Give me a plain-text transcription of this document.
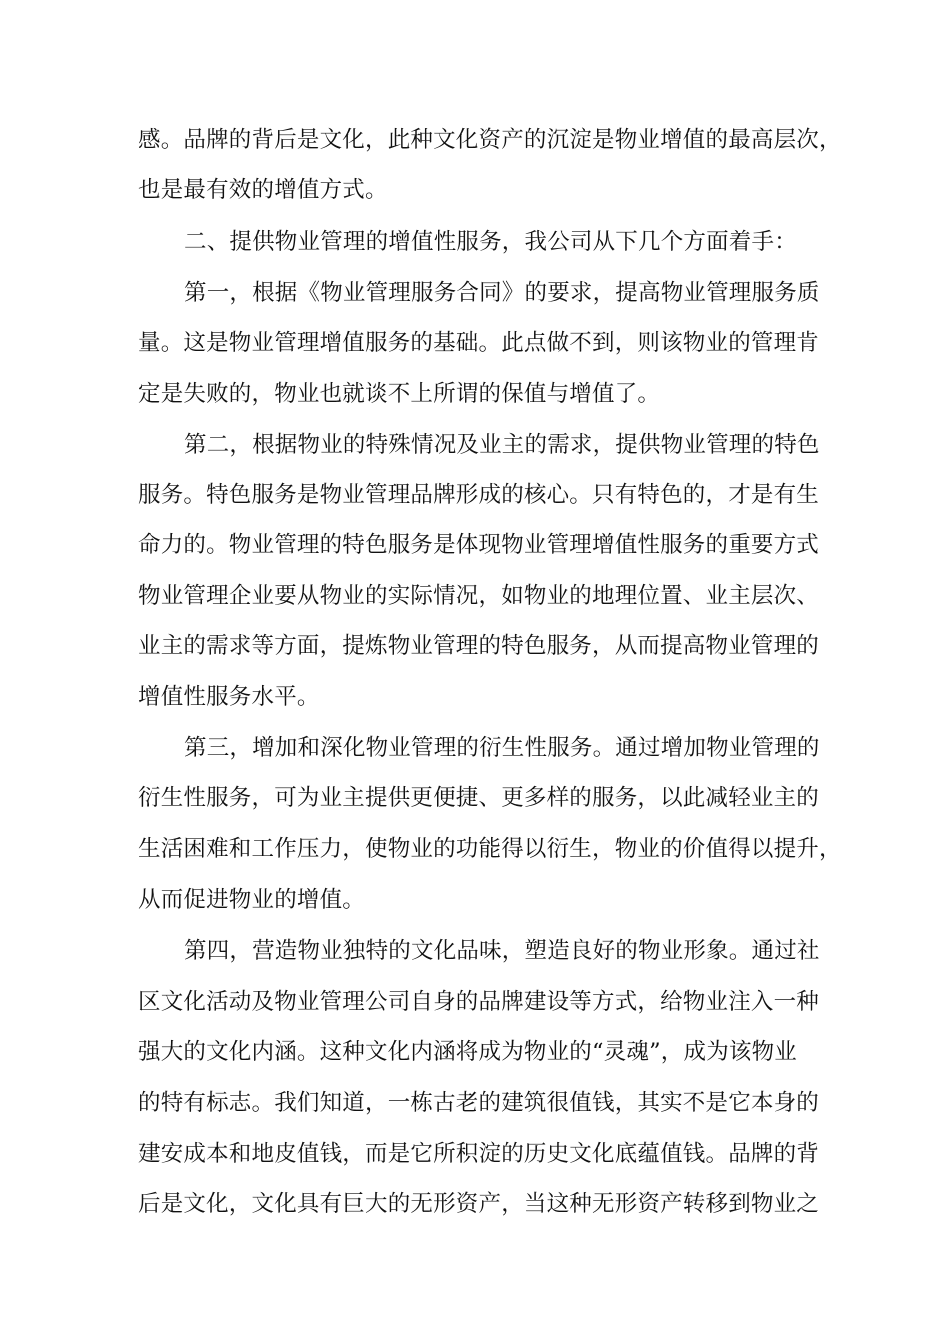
感。品牌的背后是文化，此种文化资产的沉淀是物业增值的最高层次，
也是最有效的增值方式。
二、提供物业管理的增值性服务，我公司从下几个方面着手：
第一，根据《物业管理服务合同》的要求，提高物业管理服务质
量。这是物业管理增值服务的基础。此点做不到，则该物业的管理肯
定是失败的，物业也就谈不上所谓的保值与增值了。
第二，根据物业的特殊情况及业主的需求，提供物业管理的特色
服务。特色服务是物业管理品牌形成的核心。只有特色的，才是有生
命力的。物业管理的特色服务是体现物业管理增值性服务的重要方式
物业管理企业要从物业的实际情况，如物业的地理位置、业主层次、
业主的需求等方面，提炼物业管理的特色服务，从而提高物业管理的
增值性服务水平。
第三，增加和深化物业管理的衍生性服务。通过增加物业管理的
衍生性服务，可为业主提供更便捷、更多样的服务，以此减轻业主的
生活困难和工作压力，使物业的功能得以衍生，物业的价值得以提升，
从而促进物业的增值。
第四，营造物业独特的文化品味，塑造良好的物业形象。通过社
区文化活动及物业管理公司自身的品牌建设等方式，给物业注入一种
强大的文化内涵。这种文化内涵将成为物业的“灵魂”，成为该物业
的特有标志。我们知道，一栋古老的建筑很值钱，其实不是它本身的
建安成本和地皮值钱，而是它所积淀的历史文化底蕴值钱。品牌的背
后是文化，文化具有巨大的无形资产，当这种无形资产转移到物业之
